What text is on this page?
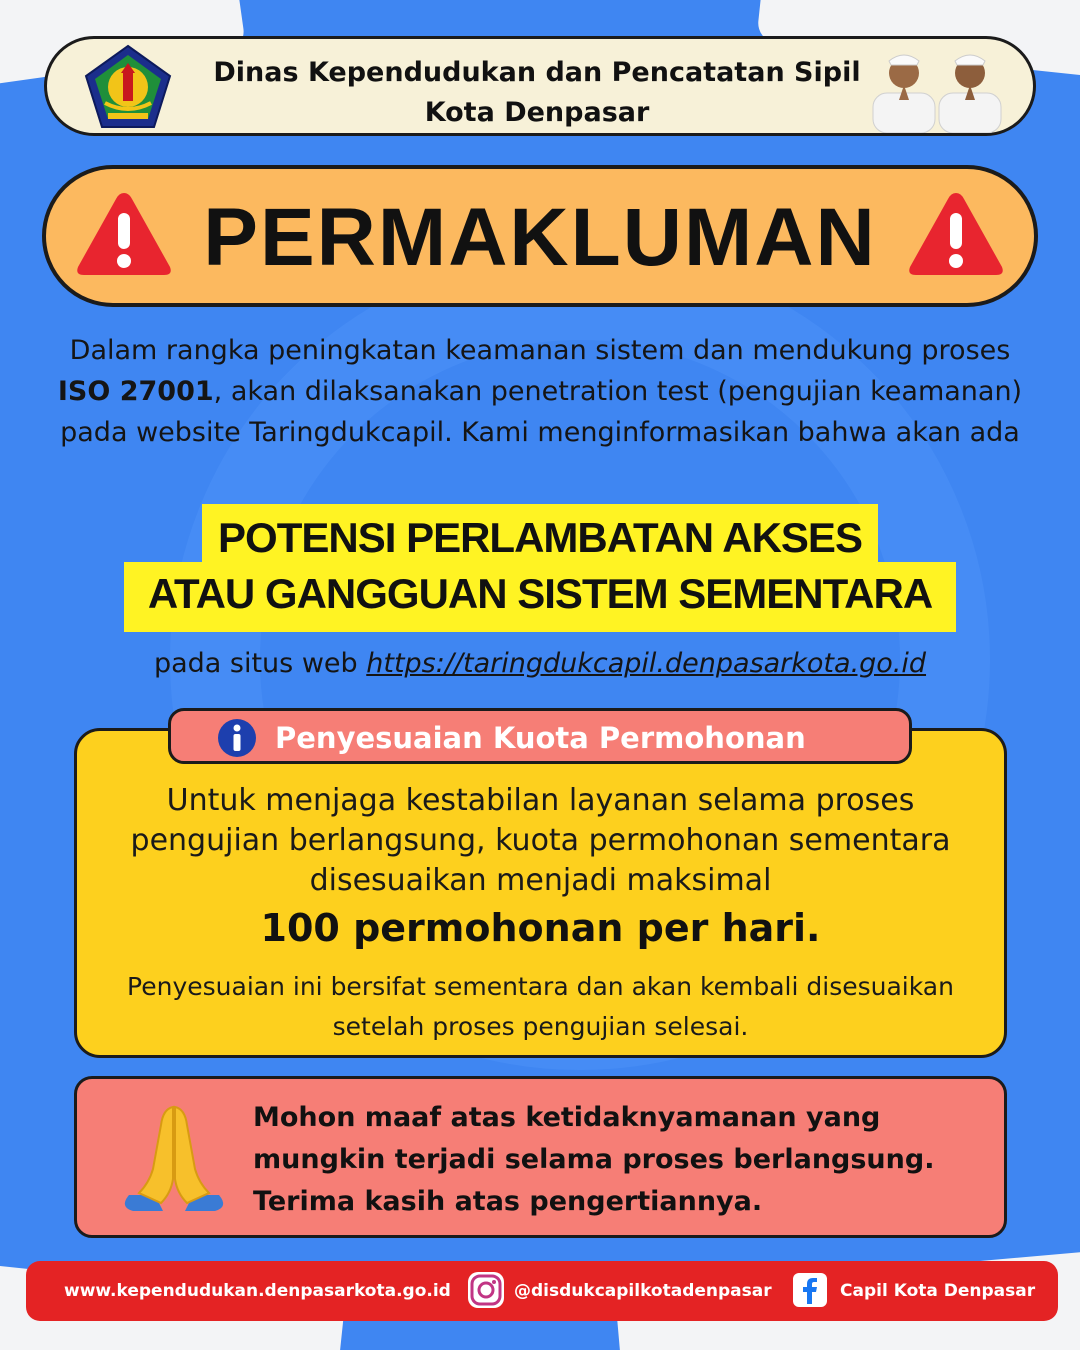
Dinas Kependudukan dan Pencatatan Sipil
Kota Denpasar
PERMAKLUMAN
Dalam rangka peningkatan keamanan sistem dan mendukung proses ISO 27001, akan dilaksanakan penetration test (pengujian keamanan) pada website Taringdukcapil. Kami menginformasikan bahwa akan ada
POTENSI PERLAMBATAN AKSES
ATAU GANGGUAN SISTEM SEMENTARA
pada situs web https://taringdukcapil.denpasarkota.go.id
Untuk menjaga kestabilan layanan selama proses pengujian berlangsung, kuota permohonan sementara disesuaikan menjadi maksimal
100 permohonan per hari.
Penyesuaian ini bersifat sementara dan akan kembali disesuaikan setelah proses pengujian selesai.
Penyesuaian Kuota Permohonan
Mohon maaf atas ketidaknyamanan yang
mungkin terjadi selama proses berlangsung.
Terima kasih atas pengertiannya.
www.kependudukan.denpasarkota.go.id	@disdukcapilkotadenpasar	Capil Kota Denpasar
